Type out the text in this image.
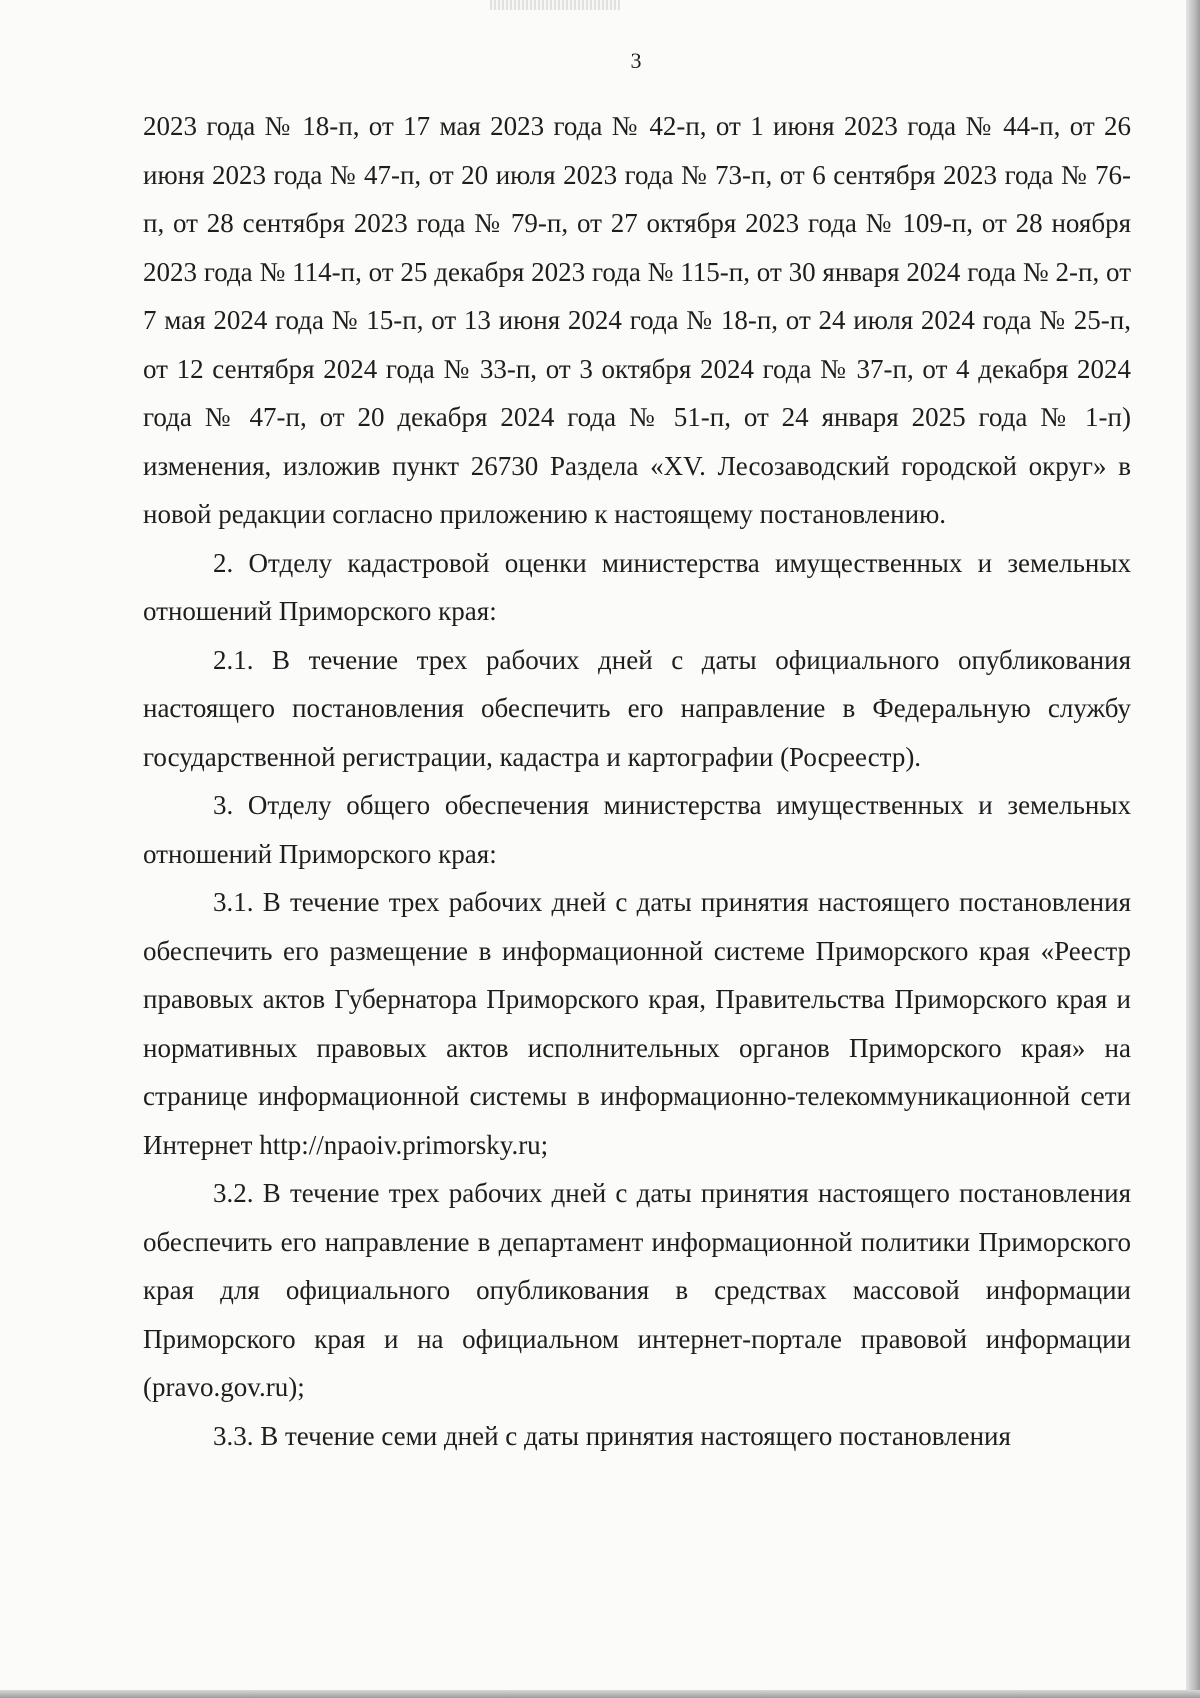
3

2023 года № 18-п, от 17 мая 2023 года № 42-п, от 1 июня 2023 года № 44-п, от 26 июня 2023 года № 47-п, от 20 июля 2023 года № 73-п, от 6 сентября 2023 года № 76-п, от 28 сентября 2023 года № 79-п, от 27 октября 2023 года № 109-п, от 28 ноября 2023 года № 114-п, от 25 декабря 2023 года № 115-п, от 30 января 2024 года № 2-п, от 7 мая 2024 года № 15-п, от 13 июня 2024 года № 18-п, от 24 июля 2024 года № 25-п, от 12 сентября 2024 года № 33-п, от 3 октября 2024 года № 37-п, от 4 декабря 2024 года № 47-п, от 20 декабря 2024 года № 51-п, от 24 января 2025 года № 1-п) изменения, изложив пункт 26730 Раздела «XV. Лесозаводский городской округ» в новой редакции согласно приложению к настоящему постановлению.

2. Отделу кадастровой оценки министерства имущественных и земельных отношений Приморского края:

2.1. В течение трех рабочих дней с даты официального опубликования настоящего постановления обеспечить его направление в Федеральную службу государственной регистрации, кадастра и картографии (Росреестр).

3. Отделу общего обеспечения министерства имущественных и земельных отношений Приморского края:

3.1. В течение трех рабочих дней с даты принятия настоящего постановления обеспечить его размещение в информационной системе Приморского края «Реестр правовых актов Губернатора Приморского края, Правительства Приморского края и нормативных правовых актов исполнительных органов Приморского края» на странице информационной системы в информационно-телекоммуникационной сети Интернет http://npaoiv.primorsky.ru;

3.2. В течение трех рабочих дней с даты принятия настоящего постановления обеспечить его направление в департамент информационной политики Приморского края для официального опубликования в средствах массовой информации Приморского края и на официальном интернет-портале правовой информации (pravo.gov.ru);

3.3. В течение семи дней с даты принятия настоящего постановления
